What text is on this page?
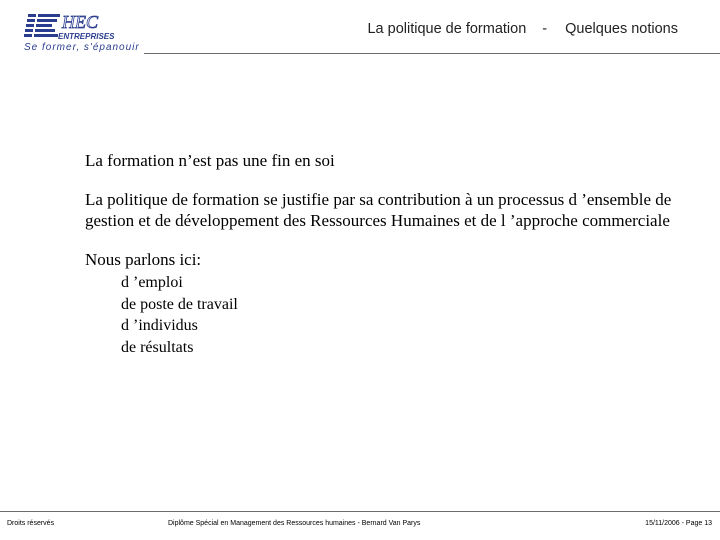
HEC
ENTREPRISES
Se former, s'épanouir
La politique de formation - Quelques notions

La formation n’est pas une fin en soi

La politique de formation se justifie par sa contribution à un processus d ’ensemble de gestion et de développement des Ressources Humaines et de l ’approche commerciale

Nous parlons ici:

d ’emploi
de poste de travail
d ’individus
de résultats
Droits réservés	Diplôme Spécial en Management des Ressources humaines - Bernard Van Parys	15/11/2006 - Page 13
